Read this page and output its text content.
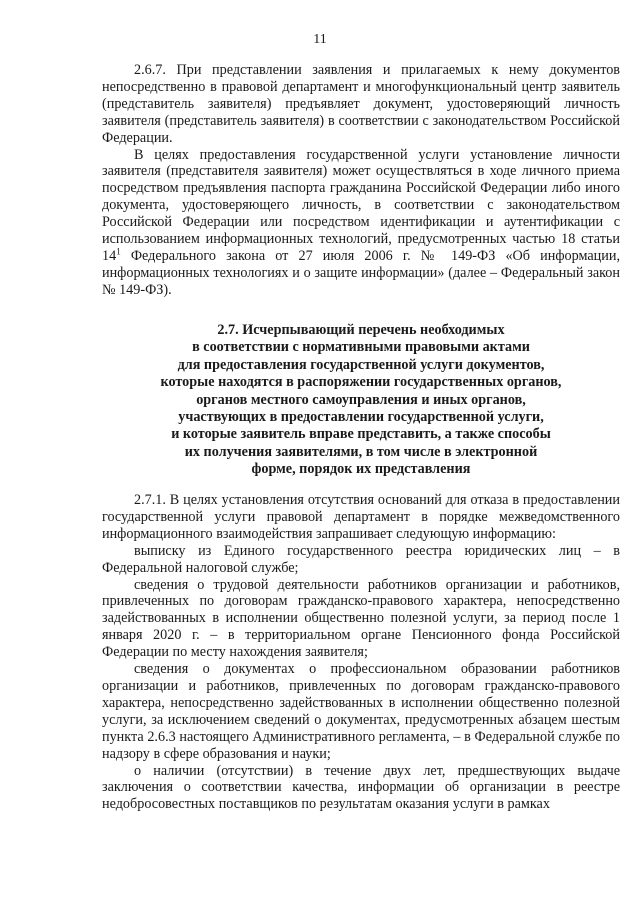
11

2.6.7. При представлении заявления и прилагаемых к нему документов непосредственно в правовой департамент и многофункциональный центр заявитель (представитель заявителя) предъявляет документ, удостоверяющий личность заявителя (представитель заявителя) в соответствии с законодательством Российской Федерации.

В целях предоставления государственной услуги установление личности заявителя (представителя заявителя) может осуществляться в ходе личного приема посредством предъявления паспорта гражданина Российской Федерации либо иного документа, удостоверяющего личность, в соответствии с законодательством Российской Федерации или посредством идентификации и аутентификации с использованием информационных технологий, предусмотренных частью 18 статьи $14^1$ Федерального закона от 27 июля 2006 г. № 149-ФЗ «Об информации, информационных технологиях и о защите информации» (далее – Федеральный закон № 149-ФЗ).

2.7. Исчерпывающий перечень необходимых
в соответствии с нормативными правовыми актами
для предоставления государственной услуги документов,
которые находятся в распоряжении государственных органов,
органов местного самоуправления и иных органов,
участвующих в предоставлении государственной услуги,
и которые заявитель вправе представить, а также способы
их получения заявителями, в том числе в электронной
форме, порядок их представления

2.7.1. В целях установления отсутствия оснований для отказа в предоставлении государственной услуги правовой департамент в порядке межведомственного информационного взаимодействия запрашивает следующую информацию:

выписку из Единого государственного реестра юридических лиц – в Федеральной налоговой службе;

сведения о трудовой деятельности работников организации и работников, привлеченных по договорам гражданско-правового характера, непосредственно задействованных в исполнении общественно полезной услуги, за период после 1 января 2020 г. – в территориальном органе Пенсионного фонда Российской Федерации по месту нахождения заявителя;

сведения о документах о профессиональном образовании работников организации и работников, привлеченных по договорам гражданско-правового характера, непосредственно задействованных в исполнении общественно полезной услуги, за исключением сведений о документах, предусмотренных абзацем шестым пункта 2.6.3 настоящего Административного регламента, – в Федеральной службе по надзору в сфере образования и науки;

о наличии (отсутствии) в течение двух лет, предшествующих выдаче заключения о соответствии качества, информации об организации в реестре недобросовестных поставщиков по результатам оказания услуги в рамках
